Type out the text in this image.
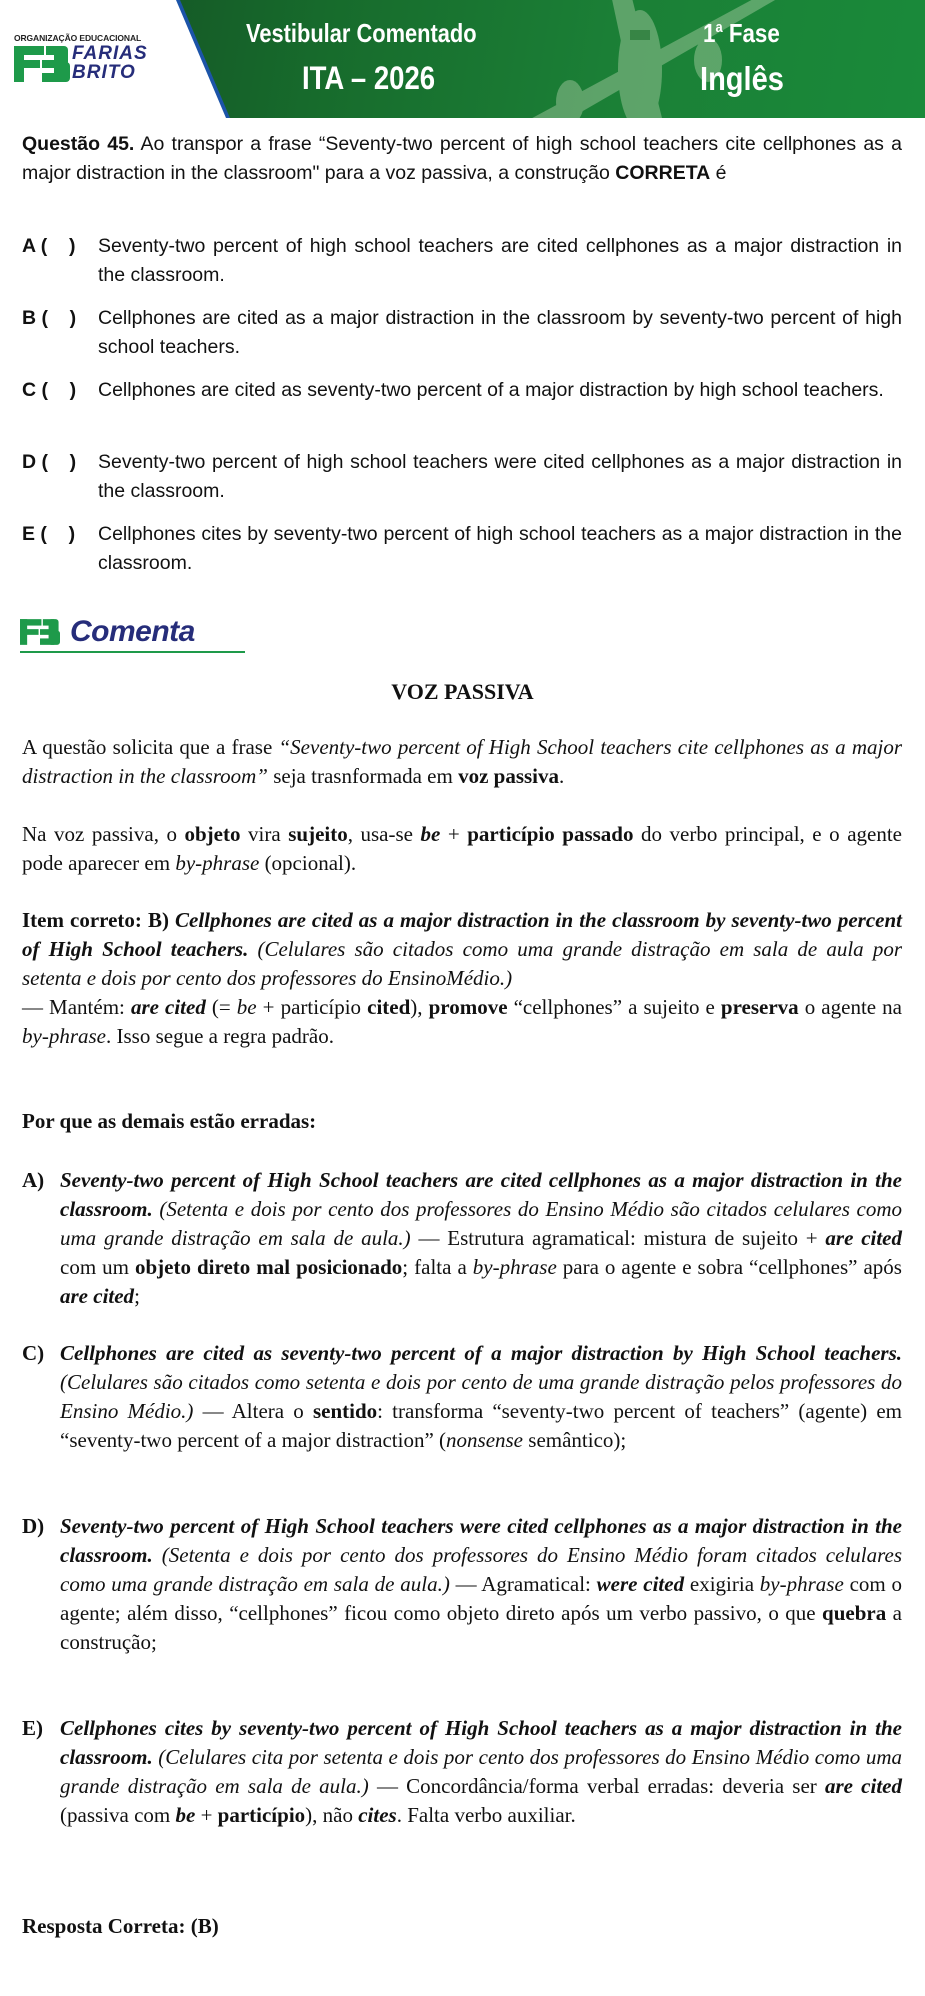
ORGANIZAÇÃO EDUCACIONAL
FARIAS
BRITO
Vestibular Comentado
ITA – 2026
1$^a$ Fase
Inglês
Questão 45. Ao transpor a frase “Seventy-two percent of high school teachers cite cellphones as a major distraction in the classroom" para a voz passiva, a construção CORRETA é
A (    )	Seventy-two percent of high school teachers are cited cellphones as a major distraction in the classroom.
B (    )	Cellphones are cited as a major distraction in the classroom by seventy-two percent of high school teachers.
C (    )	Cellphones are cited as seventy-two percent of a major distraction by high school teachers.
D (    )	Seventy-two percent of high school teachers were cited cellphones as a major distraction in the classroom.
E (    )	Cellphones cites by seventy-two percent of high school teachers as a major distraction in the classroom.
Comenta
VOZ PASSIVA
A questão solicita que a frase “Seventy-two percent of High School teachers cite cellphones as a major distraction in the classroom” seja trasnformada em voz passiva.
Na voz passiva, o objeto vira sujeito, usa-se be + particípio passado do verbo principal, e o agente pode aparecer em by-phrase (opcional).
Item correto: B) Cellphones are cited as a major distraction in the classroom by seventy-two percent of High School teachers. (Celulares são citados como uma grande distração em sala de aula por setenta e dois por cento dos professores do EnsinoMédio.)
— Mantém: are cited (= be + particípio cited), promove “cellphones” a sujeito e preserva o agente na by-phrase. Isso segue a regra padrão.
Por que as demais estão erradas:
A) Seventy-two percent of High School teachers are cited cellphones as a major distraction in the classroom. (Setenta e dois por cento dos professores do Ensino Médio são citados celulares como uma grande distração em sala de aula.) — Estrutura agramatical: mistura de sujeito + are cited com um objeto direto mal posicionado; falta a by-phrase para o agente e sobra “cellphones” após are cited;
C) Cellphones are cited as seventy-two percent of a major distraction by High School teachers. (Celulares são citados como setenta e dois por cento de uma grande distração pelos professores do Ensino Médio.) — Altera o sentido: transforma “seventy-two percent of teachers” (agente) em “seventy-two percent of a major distraction” (nonsense semântico);
D) Seventy-two percent of High School teachers were cited cellphones as a major distraction in the classroom. (Setenta e dois por cento dos professores do Ensino Médio foram citados celulares como uma grande distração em sala de aula.) — Agramatical: were cited exigiria by-phrase com o agente; além disso, “cellphones” ficou como objeto direto após um verbo passivo, o que quebra a construção;
E) Cellphones cites by seventy-two percent of High School teachers as a major distraction in the classroom. (Celulares cita por setenta e dois por cento dos professores do Ensino Médio como uma grande distração em sala de aula.) — Concordância/forma verbal erradas: deveria ser are cited (passiva com be + particípio), não cites. Falta verbo auxiliar.
Resposta Correta: (B)
